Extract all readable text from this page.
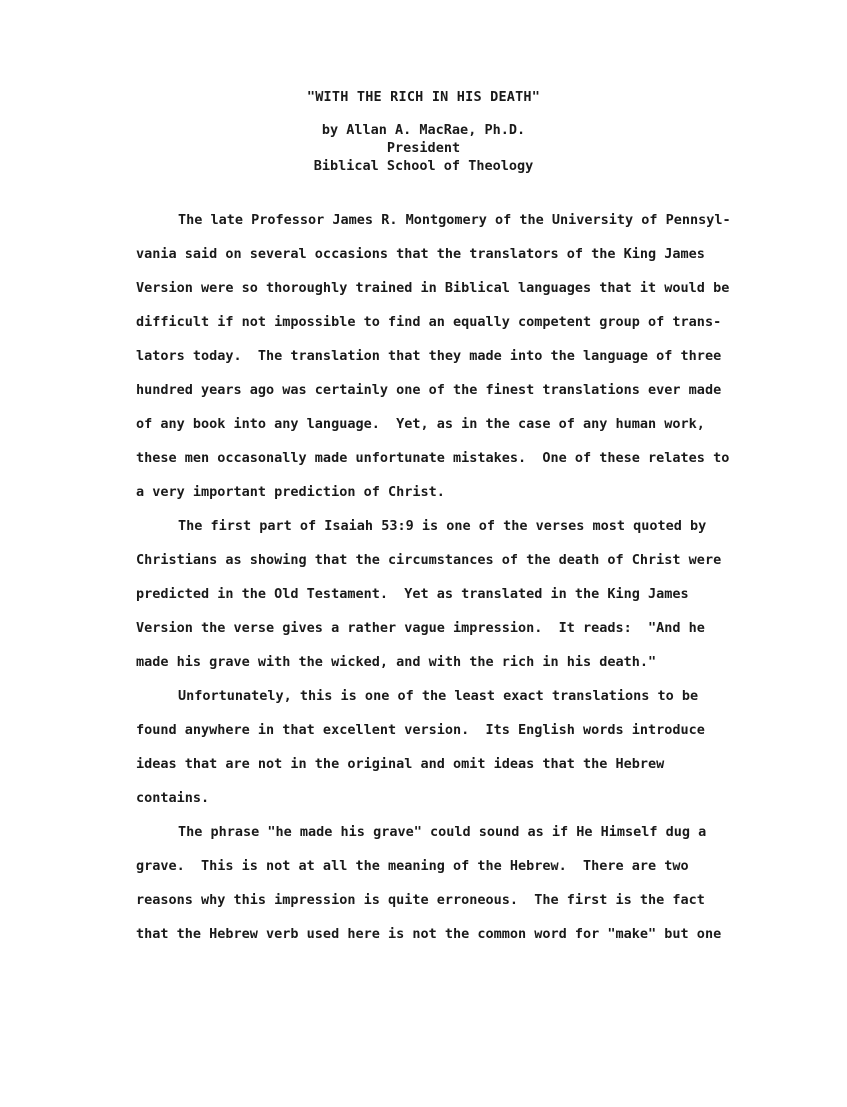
"WITH THE RICH IN HIS DEATH"
by Allan A. MacRae, Ph.D.
President
Biblical School of Theology
The late Professor James R. Montgomery of the University of Pennsyl-
vania said on several occasions that the translators of the King James
Version were so thoroughly trained in Biblical languages that it would be
difficult if not impossible to find an equally competent group of trans-
lators today.  The translation that they made into the language of three
hundred years ago was certainly one of the finest translations ever made
of any book into any language.  Yet, as in the case of any human work,
these men occasonally made unfortunate mistakes.  One of these relates to
a very important prediction of Christ.
The first part of Isaiah 53:9 is one of the verses most quoted by
Christians as showing that the circumstances of the death of Christ were
predicted in the Old Testament.  Yet as translated in the King James
Version the verse gives a rather vague impression.  It reads:  "And he
made his grave with the wicked, and with the rich in his death."
Unfortunately, this is one of the least exact translations to be
found anywhere in that excellent version.  Its English words introduce
ideas that are not in the original and omit ideas that the Hebrew
contains.
The phrase "he made his grave" could sound as if He Himself dug a
grave.  This is not at all the meaning of the Hebrew.  There are two
reasons why this impression is quite erroneous.  The first is the fact
that the Hebrew verb used here is not the common word for "make" but one
